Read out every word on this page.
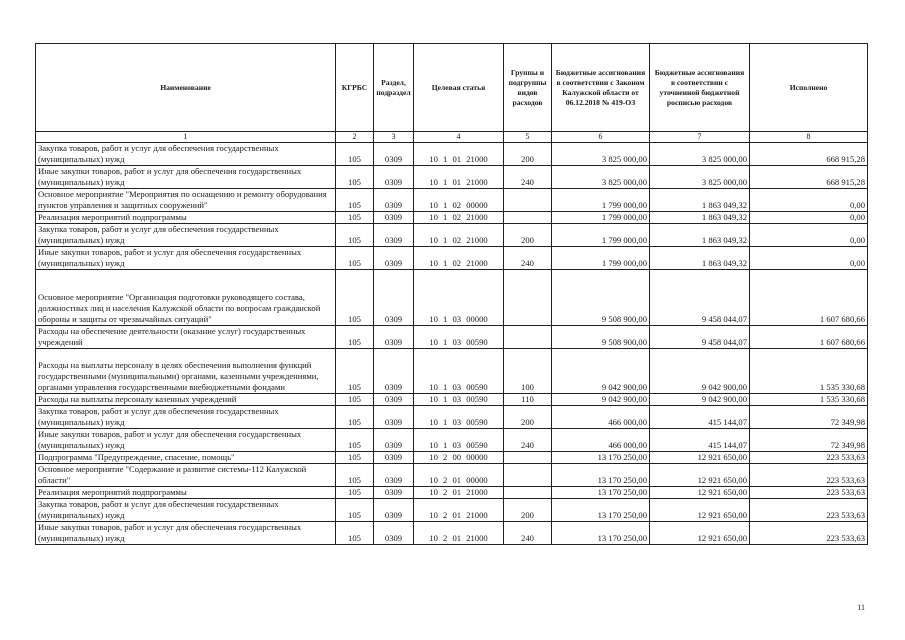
Наименование	КГРБС	Раздел, подраздел	Целевая статья	Группы и подгруппы видов расходов	Бюджетные ассигнования в соответствии с Законом Калужской области от 06.12.2018 № 419-ОЗ	Бюджетные ассигнования в соответствии с уточненной бюджетной росписью расходов	Исполнено
1	2	3	4	5	6	7	8
Закупка товаров, работ и услуг для обеспечения государственных (муниципальных) нужд	105	0309	10 1 01 21000	200	3 825 000,00	3 825 000,00	668 915,28
Иные закупки товаров, работ и услуг для обеспечения государственных (муниципальных) нужд	105	0309	10 1 01 21000	240	3 825 000,00	3 825 000,00	668 915,28
Основное мероприятие "Мероприятия по оснащению и ремонту оборудования пунктов управления и защитных сооружений"	105	0309	10 1 02 00000		1 799 000,00	1 863 049,32	0,00
Реализация мероприятий подпрограммы	105	0309	10 1 02 21000		1 799 000,00	1 863 049,32	0,00
Закупка товаров, работ и услуг для обеспечения государственных (муниципальных) нужд	105	0309	10 1 02 21000	200	1 799 000,00	1 863 049,32	0,00
Иные закупки товаров, работ и услуг для обеспечения государственных (муниципальных) нужд	105	0309	10 1 02 21000	240	1 799 000,00	1 863 049,32	0,00
Основное мероприятие "Организация подготовки руководящего состава, должностных лиц и населения Калужской области по вопросам гражданской обороны и защиты от чрезвычайных ситуаций"	105	0309	10 1 03 00000		9 508 900,00	9 458 044,07	1 607 680,66
Расходы на обеспечение деятельности (оказание услуг) государственных учреждений	105	0309	10 1 03 00590		9 508 900,00	9 458 044,07	1 607 680,66
Расходы на выплаты персоналу в целях обеспечения выполнения функций государственными (муниципальными) органами, казенными учреждениями, органами управления государственными внебюджетными фондами	105	0309	10 1 03 00590	100	9 042 900,00	9 042 900,00	1 535 330,68
Расходы на выплаты персоналу казенных учреждений	105	0309	10 1 03 00590	110	9 042 900,00	9 042 900,00	1 535 330,68
Закупка товаров, работ и услуг для обеспечения государственных (муниципальных) нужд	105	0309	10 1 03 00590	200	466 000,00	415 144,07	72 349,98
Иные закупки товаров, работ и услуг для обеспечения государственных (муниципальных) нужд	105	0309	10 1 03 00590	240	466 000,00	415 144,07	72 349,98
Подпрограмма "Предупреждение, спасение, помощь"	105	0309	10 2 00 00000		13 170 250,00	12 921 650,00	223 533,63
Основное мероприятие "Содержание и развитие системы-112 Калужской области"	105	0309	10 2 01 00000		13 170 250,00	12 921 650,00	223 533,63
Реализация мероприятий подпрограммы	105	0309	10 2 01 21000		13 170 250,00	12 921 650,00	223 533,63
Закупка товаров, работ и услуг для обеспечения государственных (муниципальных) нужд	105	0309	10 2 01 21000	200	13 170 250,00	12 921 650,00	223 533,63
Иные закупки товаров, работ и услуг для обеспечения государственных (муниципальных) нужд	105	0309	10 2 01 21000	240	13 170 250,00	12 921 650,00	223 533,63
11
